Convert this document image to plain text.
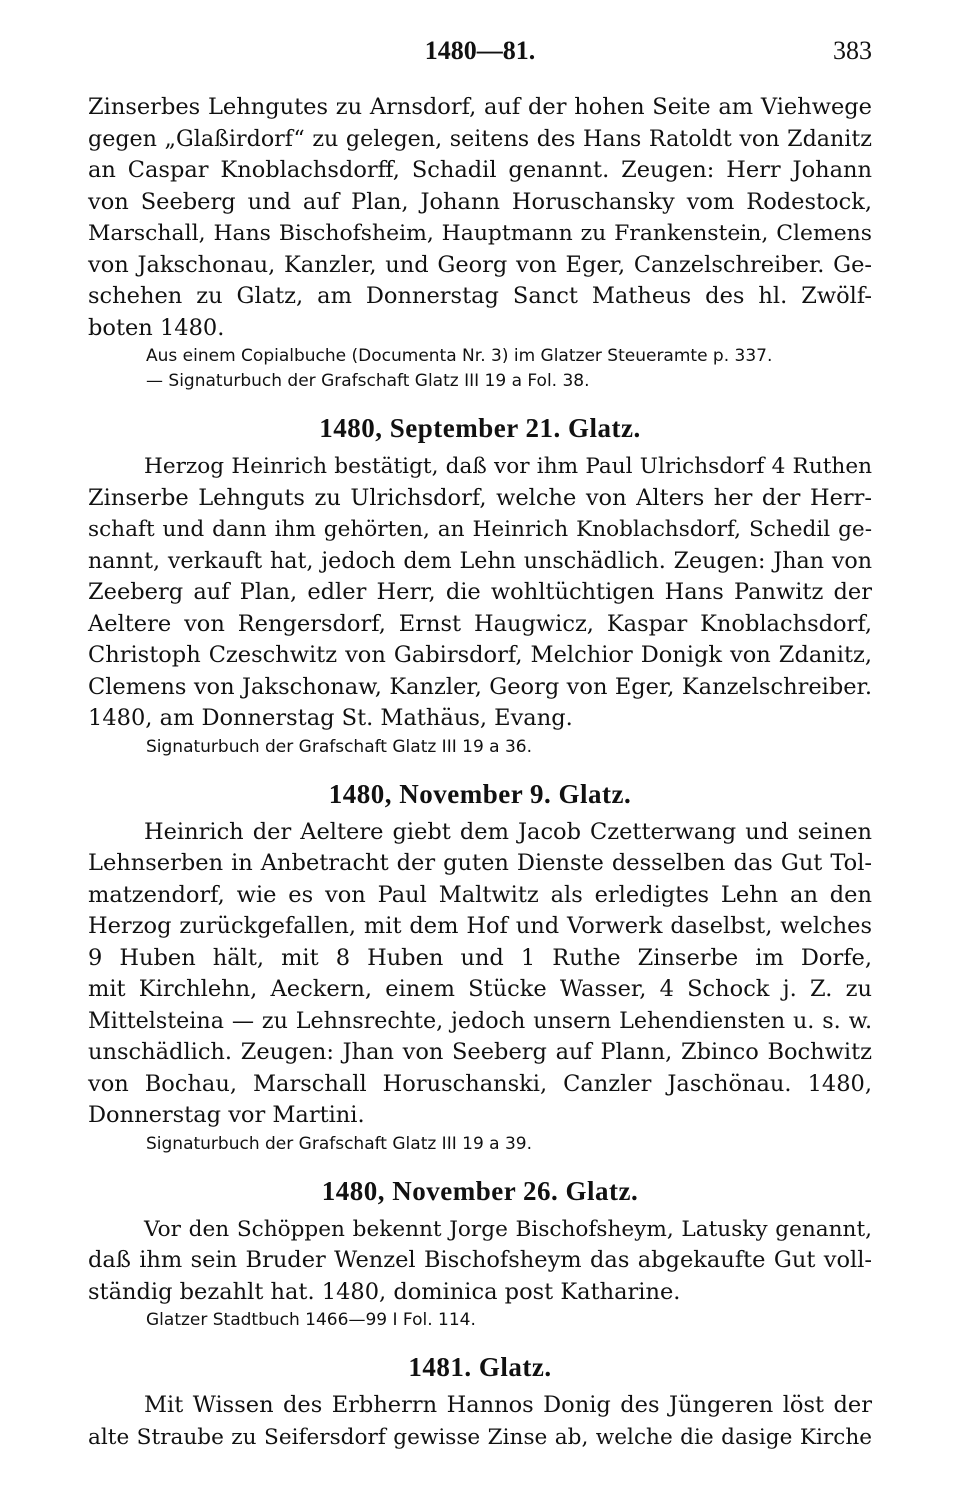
1480—81.	383

Zinserbes Lehngutes zu Arnsdorf, auf der hohen Seite am Viehwege
gegen „Glaßirdorf“ zu gelegen, seitens des Hans Ratoldt von Zdanitz
an Caspar Knoblachsdorff, Schadil genannt. Zeugen: Herr Johann
von Seeberg und auf Plan, Johann Horuschansky vom Rodestock,
Marschall, Hans Bischofsheim, Hauptmann zu Frankenstein, Clemens
von Jakschonau, Kanzler, und Georg von Eger, Canzelschreiber. Ge-
schehen zu Glatz, am Donnerstag Sanct Matheus des hl. Zwölf-
boten 1480.

Aus einem Copialbuche (Documenta Nr. 3) im Glatzer Steueramte p. 337.
— Signaturbuch der Grafschaft Glatz III 19 a Fol. 38.

1480, September 21. Glatz.

Herzog Heinrich bestätigt, daß vor ihm Paul Ulrichsdorf 4 Ruthen
Zinserbe Lehnguts zu Ulrichsdorf, welche von Alters her der Herr-
schaft und dann ihm gehörten, an Heinrich Knoblachsdorf, Schedil ge-
nannt, verkauft hat, jedoch dem Lehn unschädlich. Zeugen: Jhan von
Zeeberg auf Plan, edler Herr, die wohltüchtigen Hans Panwitz der
Aeltere von Rengersdorf, Ernst Haugwicz, Kaspar Knoblachsdorf,
Christoph Czeschwitz von Gabirsdorf, Melchior Donigk von Zdanitz,
Clemens von Jakschonaw, Kanzler, Georg von Eger, Kanzelschreiber.
1480, am Donnerstag St. Mathäus, Evang.

Signaturbuch der Grafschaft Glatz III 19 a 36.

1480, November 9. Glatz.

Heinrich der Aeltere giebt dem Jacob Czetterwang und seinen
Lehnserben in Anbetracht der guten Dienste desselben das Gut Tol-
matzendorf, wie es von Paul Maltwitz als erledigtes Lehn an den
Herzog zurückgefallen, mit dem Hof und Vorwerk daselbst, welches
9 Huben hält, mit 8 Huben und 1 Ruthe Zinserbe im Dorfe,
mit Kirchlehn, Aeckern, einem Stücke Wasser, 4 Schock j. Z. zu
Mittelsteina — zu Lehnsrechte, jedoch unsern Lehendiensten u. s. w.
unschädlich. Zeugen: Jhan von Seeberg auf Plann, Zbinco Bochwitz
von Bochau, Marschall Horuschanski, Canzler Jaschönau. 1480,
Donnerstag vor Martini.

Signaturbuch der Grafschaft Glatz III 19 a 39.

1480, November 26. Glatz.

Vor den Schöppen bekennt Jorge Bischofsheym, Latusky genannt,
daß ihm sein Bruder Wenzel Bischofsheym das abgekaufte Gut voll-
ständig bezahlt hat. 1480, dominica post Katharine.

Glatzer Stadtbuch 1466—99 I Fol. 114.

1481. Glatz.

Mit Wissen des Erbherrn Hannos Donig des Jüngeren löst der
alte Straube zu Seifersdorf gewisse Zinse ab, welche die dasige Kirche
